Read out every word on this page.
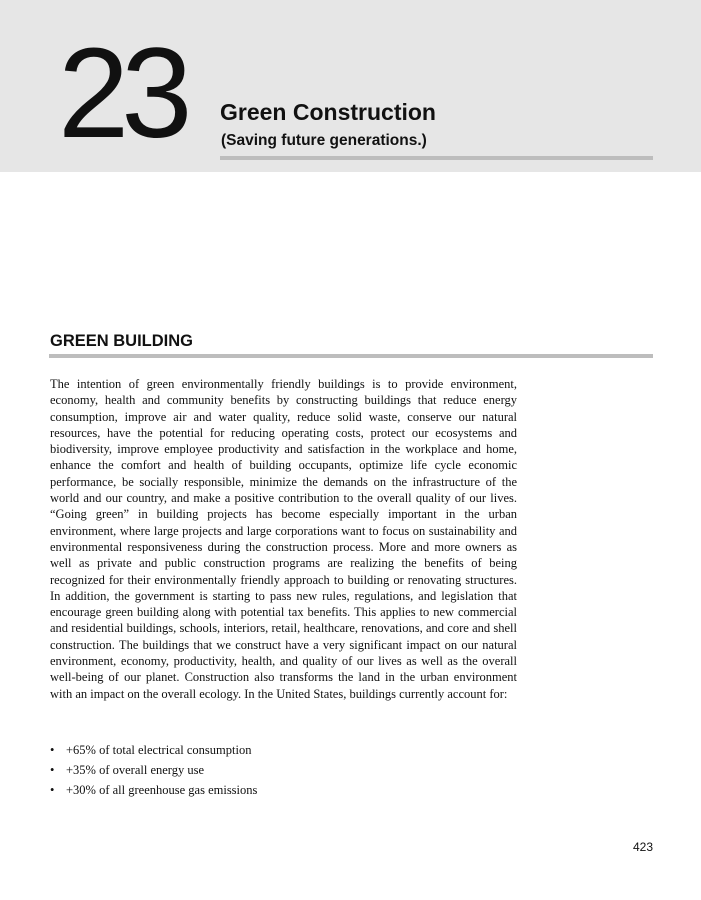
23 Green Construction
(Saving future generations.)
GREEN BUILDING

The intention of green environmentally friendly buildings is to provide environment, economy, health and community benefits by constructing buildings that reduce energy consumption, improve air and water quality, reduce solid waste, conserve our natural resources, have the potential for reducing operating costs, protect our ecosystems and biodiversity, improve employee productivity and satisfaction in the workplace and home, enhance the comfort and health of building occupants, optimize life cycle economic performance, be socially responsible, minimize the demands on the infrastructure of the world and our country, and make a positive contribution to the overall quality of our lives. “Going green” in building projects has become especially important in the urban environment, where large projects and large corporations want to focus on sustainability and environmental responsiveness during the construction process. More and more owners as well as private and public construction programs are realizing the benefits of being recognized for their environmentally friendly approach to building or renovating structures. In addition, the government is starting to pass new rules, regulations, and legislation that encourage green building along with potential tax benefits. This applies to new commercial and residential buildings, schools, interiors, retail, healthcare, renovations, and core and shell construction. The buildings that we construct have a very significant impact on our natural environment, economy, productivity, health, and quality of our lives as well as the overall well-being of our planet. Construction also transforms the land in the urban environment with an impact on the overall ecology. In the United States, buildings currently account for:

• +65% of total electrical consumption
• +35% of overall energy use
• +30% of all greenhouse gas emissions
423
